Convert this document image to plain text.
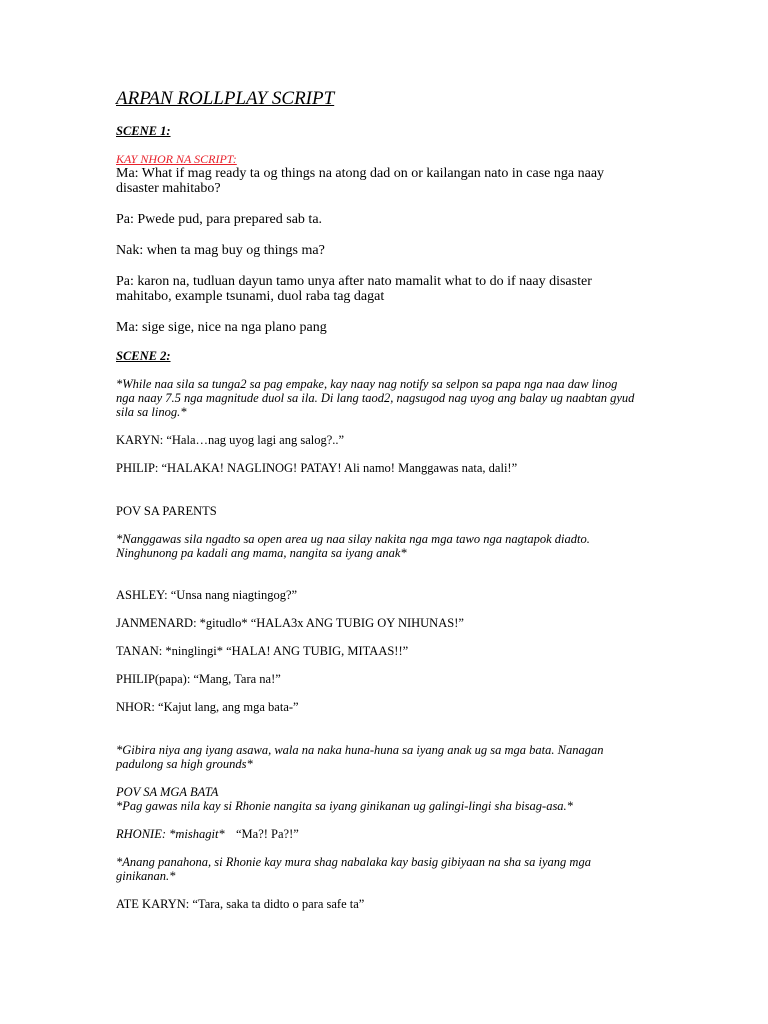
ARPAN ROLLPLAY SCRIPT
SCENE 1:
KAY NHOR NA SCRIPT:
Ma: What if mag ready ta og things na atong dad on or kailangan nato in case nga naay
disaster mahitabo?
Pa: Pwede pud, para prepared sab ta.
Nak: when ta mag buy og things ma?
Pa: karon na, tudluan dayun tamo unya after nato mamalit what to do if naay disaster
mahitabo, example tsunami, duol raba tag dagat
Ma: sige sige, nice na nga plano pang
SCENE 2:
*While naa sila sa tunga2 sa pag empake, kay naay nag notify sa selpon sa papa nga naa daw linog
nga naay 7.5 nga magnitude duol sa ila. Di lang taod2, nagsugod nag uyog ang balay ug naabtan gyud
sila sa linog.*
KARYN: “Hala…nag uyog lagi ang salog?..”
PHILIP: “HALAKA! NAGLINOG! PATAY! Ali namo! Manggawas nata, dali!”
POV SA PARENTS
*Nanggawas sila ngadto sa open area ug naa silay nakita nga mga tawo nga nagtapok diadto.
Ninghunong pa kadali ang mama, nangita sa iyang anak*
ASHLEY: “Unsa nang niagtingog?”
JANMENARD: *gitudlo* “HALA3x ANG TUBIG OY NIHUNAS!”
TANAN: *ninglingi* “HALA! ANG TUBIG, MITAAS!!”
PHILIP(papa): “Mang, Tara na!”
NHOR: “Kajut lang, ang mga bata-”
*Gibira niya ang iyang asawa, wala na naka huna-huna sa iyang anak ug sa mga bata. Nanagan
padulong sa high grounds*
POV SA MGA BATA
*Pag gawas nila kay si Rhonie nangita sa iyang ginikanan ug galingi-lingi sha bisag-asa.*
RHONIE: *mishagit* “Ma?! Pa?!”
*Anang panahona, si Rhonie kay mura shag nabalaka kay basig gibiyaan na sha sa iyang mga
ginikanan.*
ATE KARYN: “Tara, saka ta didto o para safe ta”
